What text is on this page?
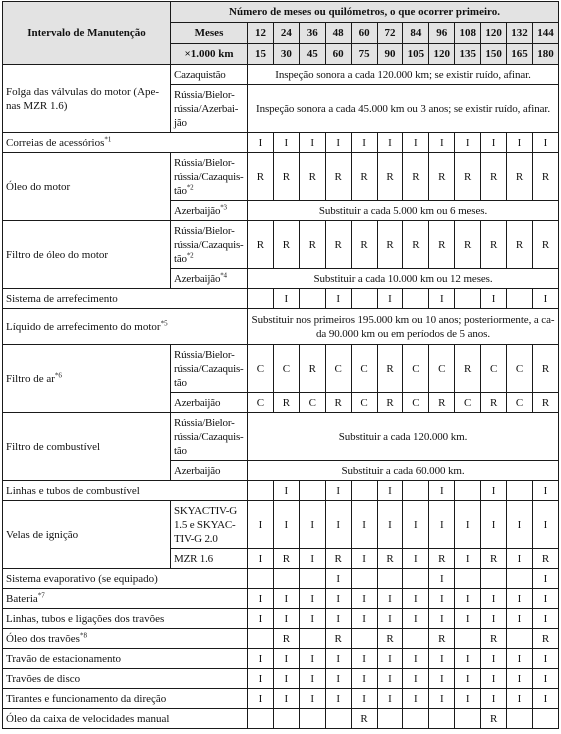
Intervalo de Manutenção	Número de meses ou quilómetros, o que ocorrer primeiro.												
	Meses	12	24	36	48	60	72	84	96	108	120	132	144
	×1.000 km	15	30	45	60	75	90	105	120	135	150	165	180
Folga das válvulas do motor (Ape-
nas MZR 1.6)	Cazaquistão	Inspeção sonora a cada 120.000 km; se existir ruído, afinar.											
	Rússia/Bielor-
rússia/Azerbai-
jão	Inspeção sonora a cada 45.000 km ou 3 anos; se existir ruído, afinar.											
Correias de acessórios$^{*1}$		I	I	I	I	I	I	I	I	I	I	I	I
Óleo do motor	Rússia/Bielor-
rússia/Cazaquis-
tão$^{*2}$	R	R	R	R	R	R	R	R	R	R	R	R
	Azerbaijão$^{*3}$	Substituir a cada 5.000 km ou 6 meses.											
Filtro de óleo do motor	Rússia/Bielor-
rússia/Cazaquis-
tão$^{*2}$	R	R	R	R	R	R	R	R	R	R	R	R
	Azerbaijão$^{*4}$	Substituir a cada 10.000 km ou 12 meses.											
Sistema de arrefecimento			I		I		I		I		I		I
Líquido de arrefecimento do motor$^{*5}$		Substituir nos primeiros 195.000 km ou 10 anos; posteriormente, a ca-
da 90.000 km ou em períodos de 5 anos.											
Filtro de ar$^{*6}$	Rússia/Bielor-
rússia/Cazaquis-
tão	C	C	R	C	C	R	C	C	R	C	C	R
	Azerbaijão	C	R	C	R	C	R	C	R	C	R	C	R
Filtro de combustível	Rússia/Bielor-
rússia/Cazaquis-
tão	Substituir a cada 120.000 km.											
	Azerbaijão	Substituir a cada 60.000 km.											
Linhas e tubos de combustível			I		I		I		I		I		I
Velas de ignição	SKYACTIV-G
1.5 e SKYAC-
TIV-G 2.0	I	I	I	I	I	I	I	I	I	I	I	I
	MZR 1.6	I	R	I	R	I	R	I	R	I	R	I	R
Sistema evaporativo (se equipado)					I				I				I
Bateria$^{*7}$		I	I	I	I	I	I	I	I	I	I	I	I
Linhas, tubos e ligações dos travões		I	I	I	I	I	I	I	I	I	I	I	I
Óleo dos travões$^{*8}$			R		R		R		R		R		R
Travão de estacionamento		I	I	I	I	I	I	I	I	I	I	I	I
Travões de disco		I	I	I	I	I	I	I	I	I	I	I	I
Tirantes e funcionamento da direção		I	I	I	I	I	I	I	I	I	I	I	I
Óleo da caixa de velocidades manual						R					R		
